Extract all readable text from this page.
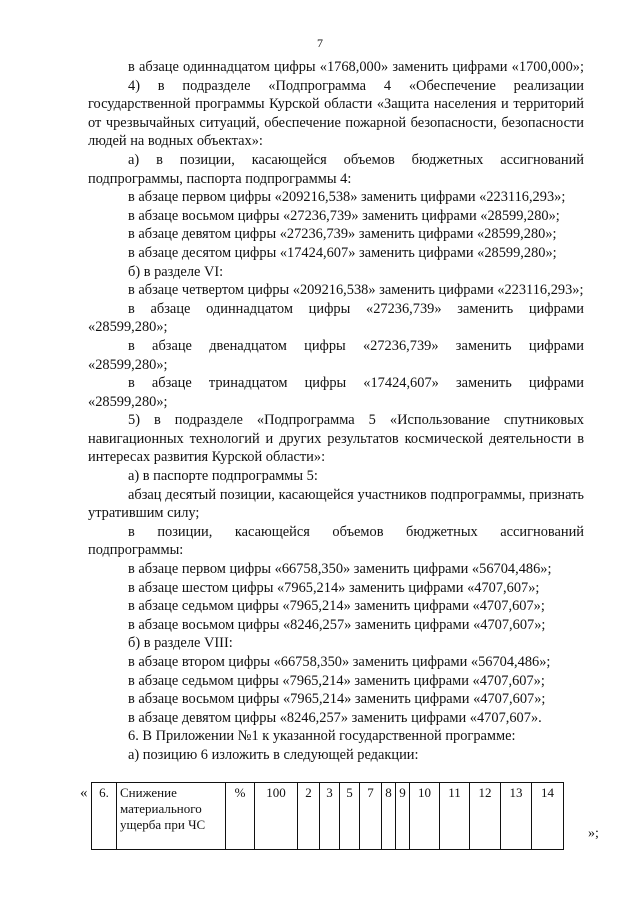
7

в абзаце одиннадцатом цифры «1768,000» заменить цифрами «1700,000»;

4) в подразделе «Подпрограмма 4 «Обеспечение реализации государственной программы Курской области «Защита населения и территорий от чрезвычайных ситуаций, обеспечение пожарной безопасности, безопасности людей на водных объектах»:

а) в позиции, касающейся объемов бюджетных ассигнований подпрограммы, паспорта подпрограммы 4:

в абзаце первом цифры «209216,538» заменить цифрами «223116,293»;

в абзаце восьмом цифры «27236,739» заменить цифрами «28599,280»;

в абзаце девятом цифры «27236,739» заменить цифрами «28599,280»;

в абзаце десятом цифры «17424,607» заменить цифрами «28599,280»;

б) в разделе VI:

в абзаце четвертом цифры «209216,538» заменить цифрами «223116,293»;

в абзаце одиннадцатом цифры «27236,739» заменить цифрами «28599,280»;

в абзаце двенадцатом цифры «27236,739» заменить цифрами «28599,280»;

в абзаце тринадцатом цифры «17424,607» заменить цифрами «28599,280»;

5) в подразделе «Подпрограмма 5 «Использование спутниковых навигационных технологий и других результатов космической деятельности в интересах развития Курской области»:

а) в паспорте подпрограммы 5:

абзац десятый позиции, касающейся участников подпрограммы, признать утратившим силу;

в позиции, касающейся объемов бюджетных ассигнований подпрограммы:

в абзаце первом цифры «66758,350» заменить цифрами «56704,486»;

в абзаце шестом цифры «7965,214» заменить цифрами «4707,607»;

в абзаце седьмом цифры «7965,214» заменить цифрами «4707,607»;

в абзаце восьмом цифры «8246,257» заменить цифрами «4707,607»;

б) в разделе VIII:

в абзаце втором цифры «66758,350» заменить цифрами «56704,486»;

в абзаце седьмом цифры «7965,214» заменить цифрами «4707,607»;

в абзаце восьмом цифры «7965,214» заменить цифрами «4707,607»;

в абзаце девятом цифры «8246,257» заменить цифрами «4707,607».

6. В Приложении №1 к указанной государственной программе:

а) позицию 6 изложить в следующей редакции:

« 6.	Снижение материального ущерба при ЧС	%	100	2	3	5	7	8	9	10	11	12	13	14
»;
